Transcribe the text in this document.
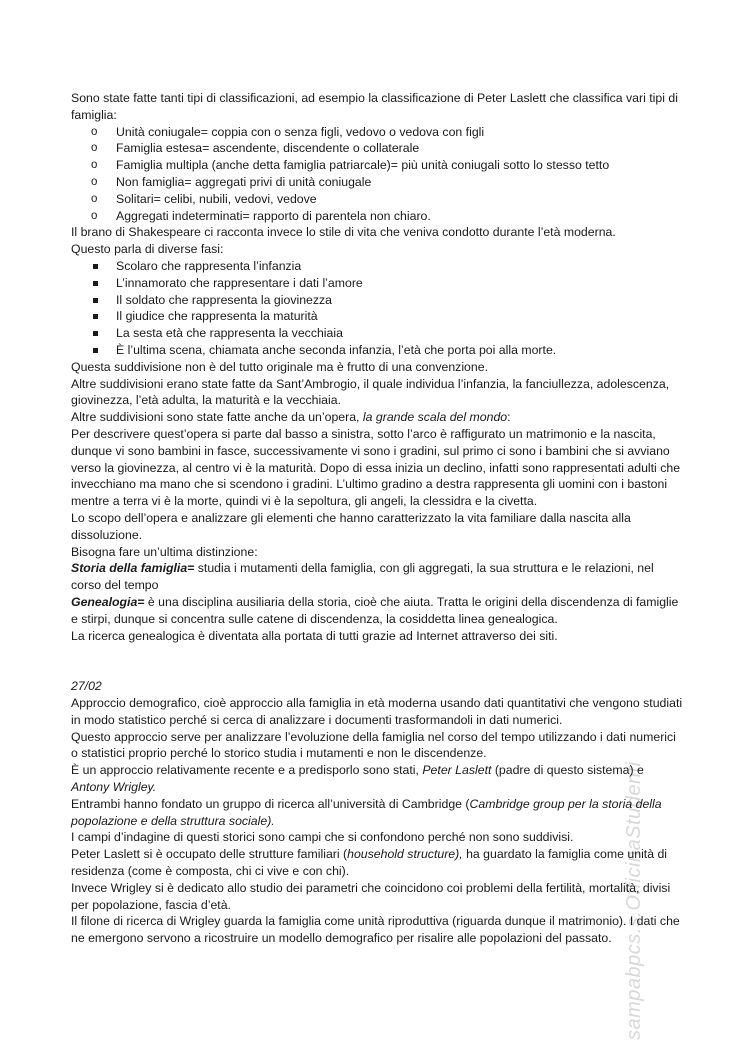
sampabpcs.s.OfficinaStudenti

Sono state fatte tanti tipi di classificazioni, ad esempio la classificazione di Peter Laslett che classifica vari tipi di famiglia:

o Unità coniugale= coppia con o senza figli, vedovo o vedova con figli
o Famiglia estesa= ascendente, discendente o collaterale
o Famiglia multipla (anche detta famiglia patriarcale)= più unità coniugali sotto lo stesso tetto
o Non famiglia= aggregati privi di unità coniugale
o Solitari= celibi, nubili, vedovi, vedove
o Aggregati indeterminati= rapporto di parentela non chiaro.

Il brano di Shakespeare ci racconta invece lo stile di vita che veniva condotto durante l’età moderna.

Questo parla di diverse fasi:

Scolaro che rappresenta l’infanzia
L’innamorato che rappresentare i dati l’amore
Il soldato che rappresenta la giovinezza
Il giudice che rappresenta la maturità
La sesta età che rappresenta la vecchiaia
È l’ultima scena, chiamata anche seconda infanzia, l’età che porta poi alla morte.

Questa suddivisione non è del tutto originale ma è frutto di una convenzione.

Altre suddivisioni erano state fatte da Sant’Ambrogio, il quale individua l’infanzia, la fanciullezza, adolescenza, giovinezza, l’età adulta, la maturità e la vecchiaia.

Altre suddivisioni sono state fatte anche da un’opera, la grande scala del mondo:

Per descrivere quest’opera si parte dal basso a sinistra, sotto l’arco è raffigurato un matrimonio e la nascita, dunque vi sono bambini in fasce, successivamente vi sono i gradini, sul primo ci sono i bambini che si avviano verso la giovinezza, al centro vi è la maturità. Dopo di essa inizia un declino, infatti sono rappresentati adulti che invecchiano ma mano che si scendono i gradini. L’ultimo gradino a destra rappresenta gli uomini con i bastoni mentre a terra vi è la morte, quindi vi è la sepoltura, gli angeli, la clessidra e la civetta.

Lo scopo dell’opera e analizzare gli elementi che hanno caratterizzato la vita familiare dalla nascita alla dissoluzione.

Bisogna fare un’ultima distinzione:

Storia della famiglia= studia i mutamenti della famiglia, con gli aggregati, la sua struttura e le relazioni, nel corso del tempo

Genealogia= è una disciplina ausiliaria della storia, cioè che aiuta. Tratta le origini della discendenza di famiglie e stirpi, dunque si concentra sulle catene di discendenza, la cosiddetta linea genealogica.

La ricerca genealogica è diventata alla portata di tutti grazie ad Internet attraverso dei siti.

27/02

Approccio demografico, cioè approccio alla famiglia in età moderna usando dati quantitativi che vengono studiati in modo statistico perché si cerca di analizzare i documenti trasformandoli in dati numerici.

Questo approccio serve per analizzare l’evoluzione della famiglia nel corso del tempo utilizzando i dati numerici o statistici proprio perché lo storico studia i mutamenti e non le discendenze.

È un approccio relativamente recente e a predisporlo sono stati, Peter Laslett (padre di questo sistema) e Antony Wrigley.

Entrambi hanno fondato un gruppo di ricerca all’università di Cambridge (Cambridge group per la storia della popolazione e della struttura sociale).

I campi d’indagine di questi storici sono campi che si confondono perché non sono suddivisi.

Peter Laslett si è occupato delle strutture familiari (household structure), ha guardato la famiglia come unità di residenza (come è composta, chi ci vive e con chi).

Invece Wrigley si è dedicato allo studio dei parametri che coincidono coi problemi della fertilità, mortalità, divisi per popolazione, fascia d’età.

Il filone di ricerca di Wrigley guarda la famiglia come unità riproduttiva (riguarda dunque il matrimonio). I dati che ne emergono servono a ricostruire un modello demografico per risalire alle popolazioni del passato.
